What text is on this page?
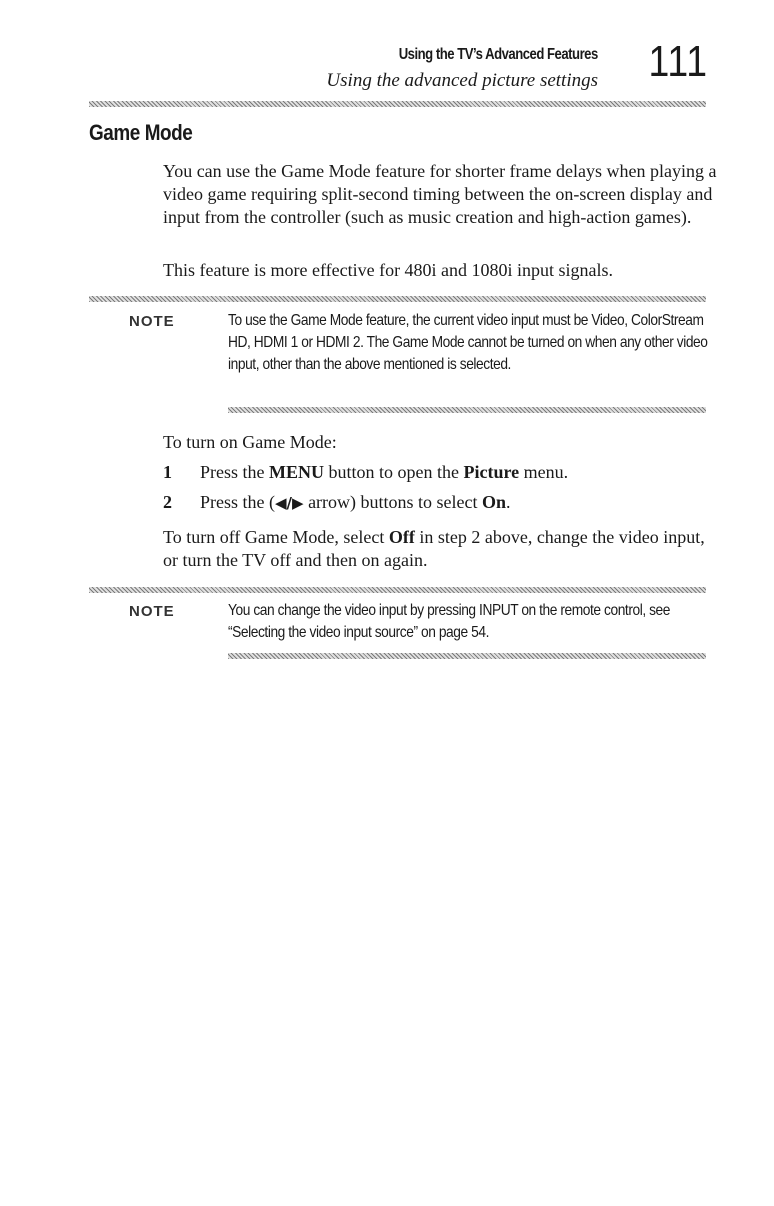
Using the TV’s Advanced Features
Using the advanced picture settings 111
Game Mode
You can use the Game Mode feature for shorter frame delays when playing a video game requiring split-second timing between the on-screen display and input from the controller (such as music creation and high-action games).
This feature is more effective for 480i and 1080i input signals.
NOTE	To use the Game Mode feature, the current video input must be Video, ColorStream HD, HDMI 1 or HDMI 2. The Game Mode cannot be turned on when any other video input, other than the above mentioned is selected.
To turn on Game Mode:
1 Press the MENU button to open the Picture menu.
2 Press the (◀/▶ arrow) buttons to select On.
To turn off Game Mode, select Off in step 2 above, change the video input, or turn the TV off and then on again.
NOTE	You can change the video input by pressing INPUT on the remote control, see “Selecting the video input source” on page 54.
